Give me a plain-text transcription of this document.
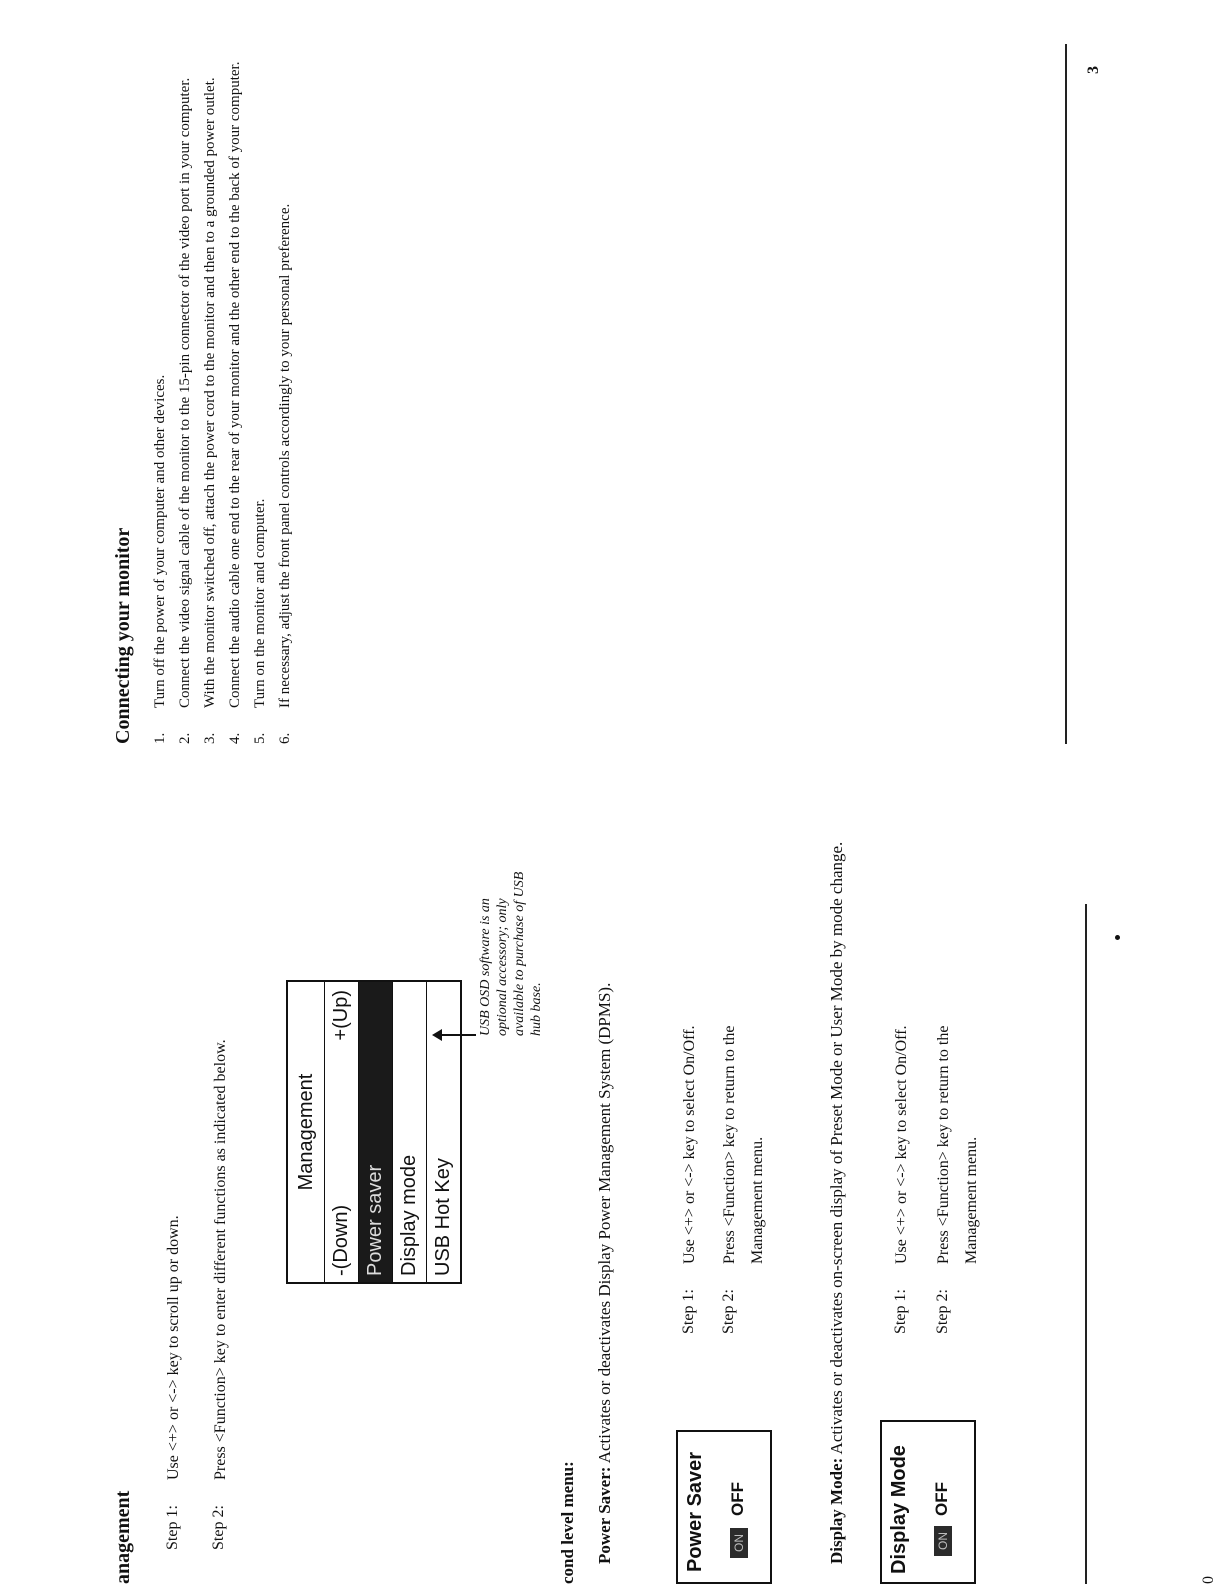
anagement Step 1:
Use <+> or <-> key to scroll up or down.
Step 2:
Press <Function> key to enter different functions as indicated below.	Management
-(Down)
+(Up)
Power saver Display mode USB Hot Key
USB OSD software is an optional accessory; only available to purchase of USB hub base.
cond level menu: Power Saver: Activates or deactivates Display Power Management System (DPMS).
Power Saver ON
OFF
Step 1:
Use <+> or <-> key to select On/Off.
Step 2:
Press <Function> key to return to the Management menu.
Display Mode: Activates or deactivates on-screen display of Preset Mode or User Mode by mode change.
Display Mode ON
OFF
Step 1:
Use <+> or <-> key to select On/Off.
Step 2:
Press <Function> key to return to the Management menu.
0
Connecting your monitor 1.
Turn off the power of your computer and other devices.
2.
Connect the video signal cable of the monitor to the 15-pin connector of the video port in your computer.
3.
With the monitor switched off, attach the power cord to the monitor and then to a grounded power outlet.
4.
Connect the audio cable one end to the rear of your monitor and the other end to the back of your computer.
5.
Turn on the monitor and computer.
6.
If necessary, adjust the front panel controls accordingly to your personal preference.
3
